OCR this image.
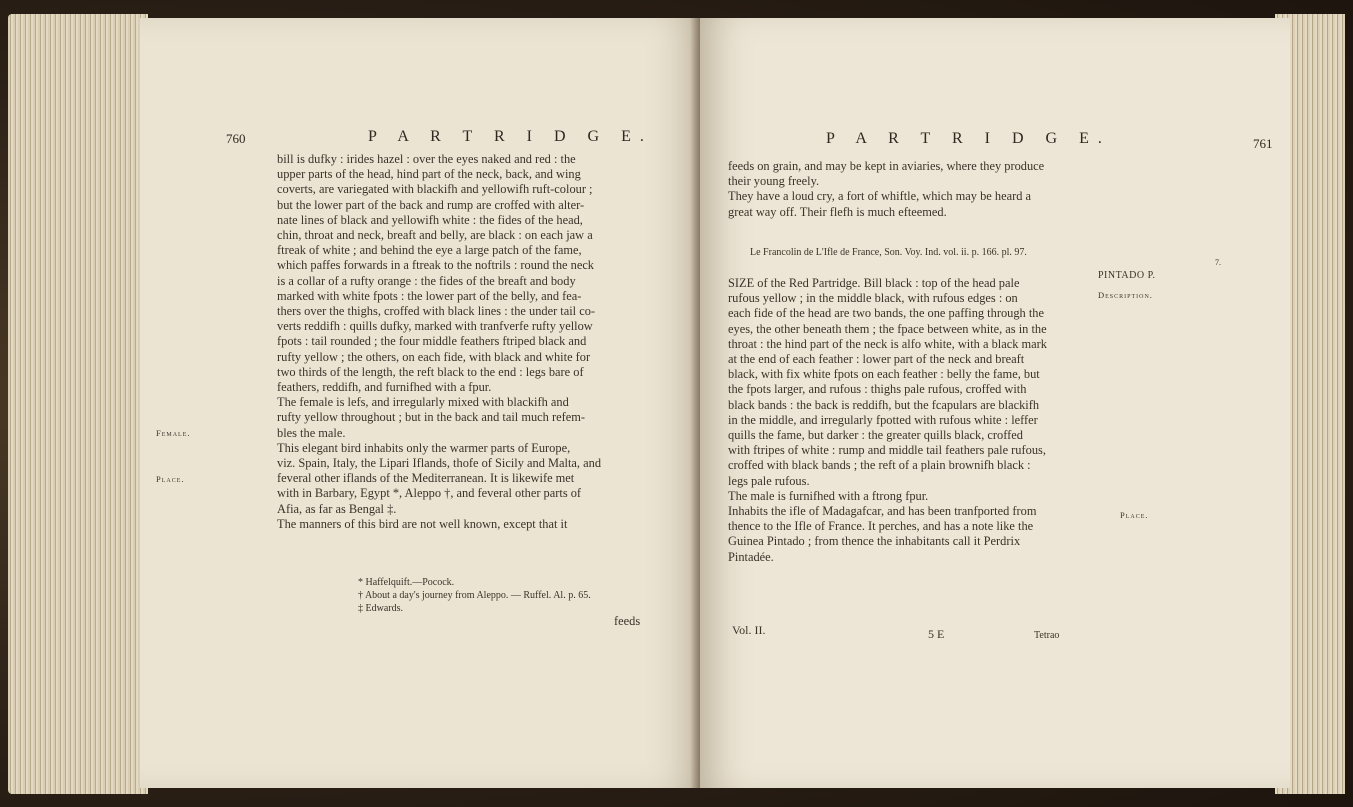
760	P A R T R I D G E.
bill is dufky : irides hazel : over the eyes naked and red : the
upper parts of the head, hind part of the neck, back, and wing
coverts, are variegated with blackifh and yellowifh ruft-colour ;
but the lower part of the back and rump are croffed with alter-
nate lines of black and yellowifh white : the fides of the head,
chin, throat and neck, breaft and belly, are black : on each jaw a
ftreak of white ; and behind the eye a large patch of the fame,
which paffes forwards in a ftreak to the noftrils : round the neck
is a collar of a rufty orange : the fides of the breaft and body
marked with white fpots : the lower part of the belly, and fea-
thers over the thighs, croffed with black lines : the under tail co-
verts reddifh : quills dufky, marked with tranfverfe rufty yellow
fpots : tail rounded ; the four middle feathers ftriped black and
rufty yellow ; the others, on each fide, with black and white for
two thirds of the length, the reft black to the end : legs bare of
feathers, reddifh, and furnifhed with a fpur.
The female is lefs, and irregularly mixed with blackifh and
rufty yellow throughout ; but in the back and tail much refem-
bles the male.
This elegant bird inhabits only the warmer parts of Europe,
viz. Spain, Italy, the Lipari Iflands, thofe of Sicily and Malta, and
feveral other iflands of the Mediterranean. It is likewife met
with in Barbary, Egypt *, Aleppo †, and feveral other parts of
Afia, as far as Bengal ‡.
The manners of this bird are not well known, except that it
Female.
Place.
* Haffelquift.—Pocock.
† About a day's journey from Aleppo. — Ruffel. Al. p. 65.
‡ Edwards.
feeds
P A R T R I D G E.	761
feeds on grain, and may be kept in aviaries, where they produce
their young freely.
They have a loud cry, a fort of whiftle, which may be heard a
great way off. Their flefh is much efteemed.
Le Francolin de L'Ifle de France, Son. Voy. Ind. vol. ii. p. 166. pl. 97.
SIZE of the Red Partridge. Bill black : top of the head pale
rufous yellow ; in the middle black, with rufous edges : on
each fide of the head are two bands, the one paffing through the
eyes, the other beneath them ; the fpace between white, as in the
throat : the hind part of the neck is alfo white, with a black mark
at the end of each feather : lower part of the neck and breaft
black, with fix white fpots on each feather : belly the fame, but
the fpots larger, and rufous : thighs pale rufous, croffed with
black bands : the back is reddifh, but the fcapulars are blackifh
in the middle, and irregularly fpotted with rufous white : leffer
quills the fame, but darker : the greater quills black, croffed
with ftripes of white : rump and middle tail feathers pale rufous,
croffed with black bands ; the reft of a plain brownifh black :
legs pale rufous.
The male is furnifhed with a ftrong fpur.
Inhabits the ifle of Madagafcar, and has been tranfported from
thence to the Ifle of France. It perches, and has a note like the
Guinea Pintado ; from thence the inhabitants call it Perdrix
Pintadée.
7.
PINTADO P.
Description.
Place.
Vol. II.	5 E	Tetrao
